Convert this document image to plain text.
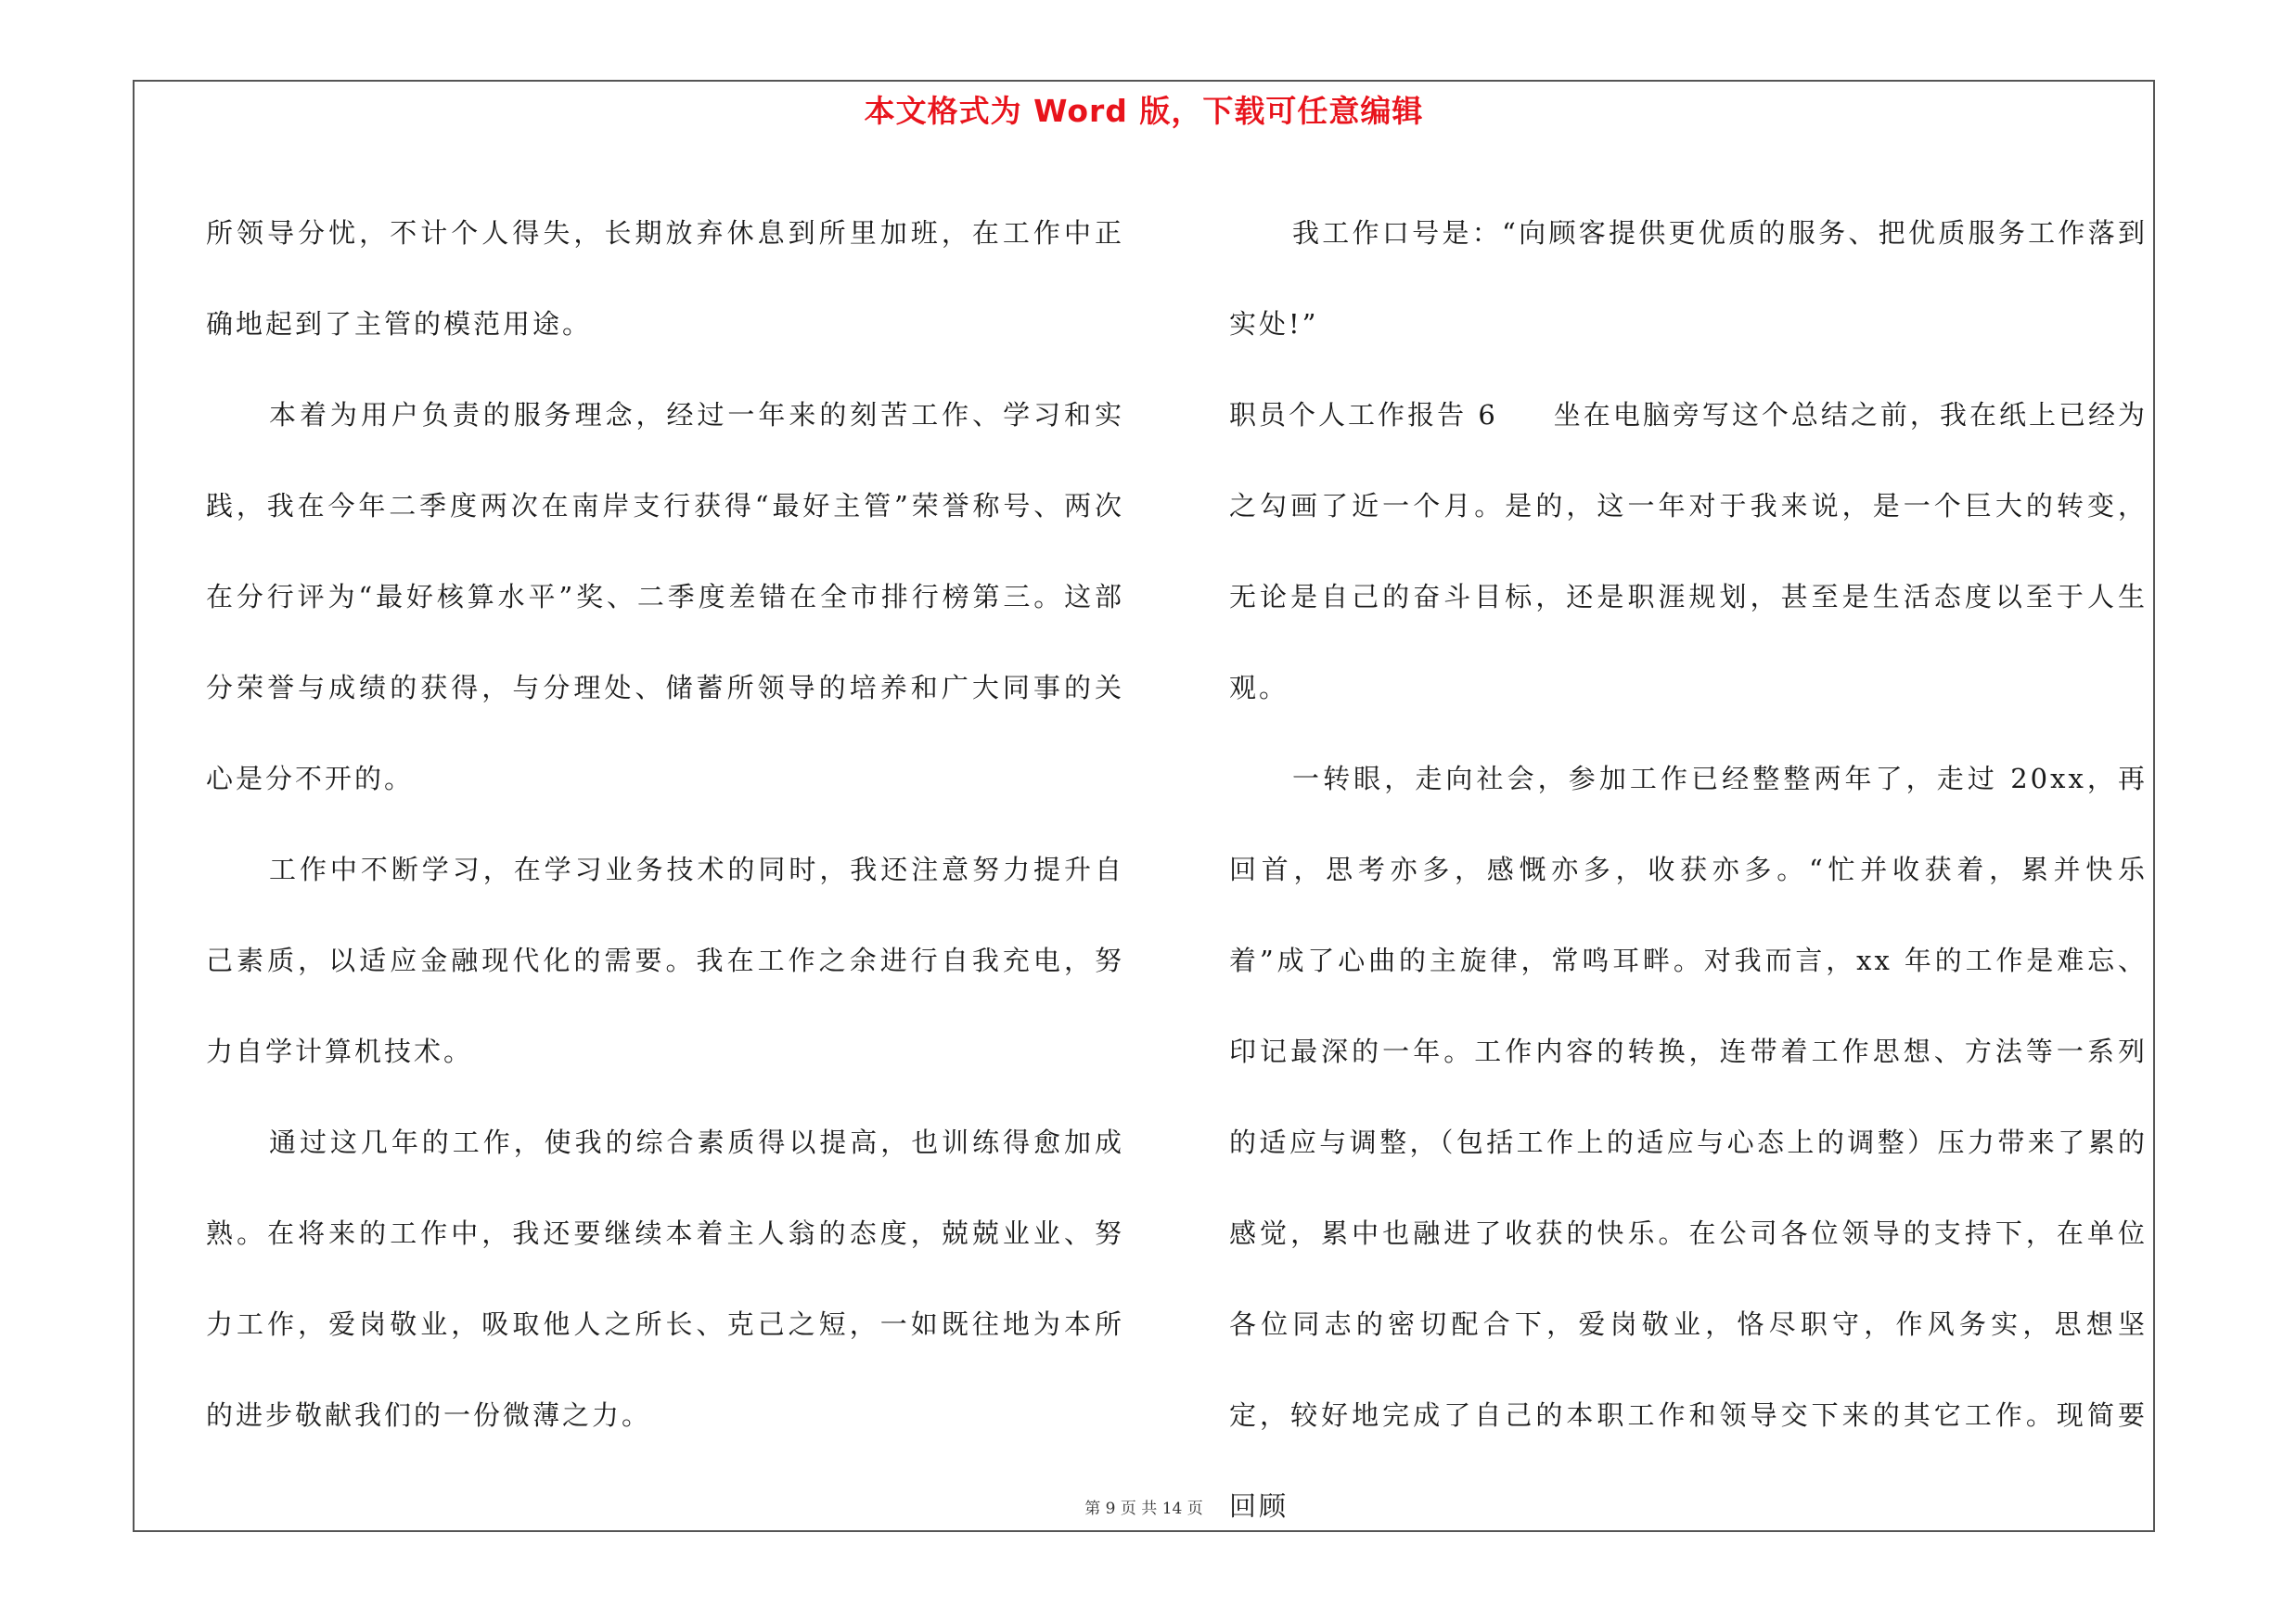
本文格式为 Word 版，下载可任意编辑

所领导分忧，不计个人得失，长期放弃休息到所里加班，在工作中正确地起到了主管的模范用途。

本着为用户负责的服务理念，经过一年来的刻苦工作、学习和实践，我在今年二季度两次在南岸支行获得“最好主管”荣誉称号、两次在分行评为“最好核算水平”奖、二季度差错在全市排行榜第三。这部分荣誉与成绩的获得，与分理处、储蓄所领导的培养和广大同事的关心是分不开的。

工作中不断学习，在学习业务技术的同时，我还注意努力提升自己素质，以适应金融现代化的需要。我在工作之余进行自我充电，努力自学计算机技术。

通过这几年的工作，使我的综合素质得以提高，也训练得愈加成熟。在将来的工作中，我还要继续本着主人翁的态度，兢兢业业、努力工作，爱岗敬业，吸取他人之所长、克己之短，一如既往地为本所的进步敬献我们的一份微薄之力。

我工作口号是：“向顾客提供更优质的服务、把优质服务工作落到实处!”

职员个人工作报告 6 坐在电脑旁写这个总结之前，我在纸上已经为之勾画了近一个月。是的，这一年对于我来说，是一个巨大的转变，无论是自己的奋斗目标，还是职涯规划，甚至是生活态度以至于人生观。

一转眼，走向社会，参加工作已经整整两年了，走过 20xx，再回首，思考亦多，感慨亦多，收获亦多。“忙并收获着，累并快乐着”成了心曲的主旋律，常鸣耳畔。对我而言，xx 年的工作是难忘、印记最深的一年。工作内容的转换，连带着工作思想、方法等一系列的适应与调整，（包括工作上的适应与心态上的调整）压力带来了累的感觉，累中也融进了收获的快乐。在公司各位领导的支持下，在单位各位同志的密切配合下，爱岗敬业，恪尽职守，作风务实，思想坚定，较好地完成了自己的本职工作和领导交下来的其它工作。现简要回顾

第 9 页 共 14 页
